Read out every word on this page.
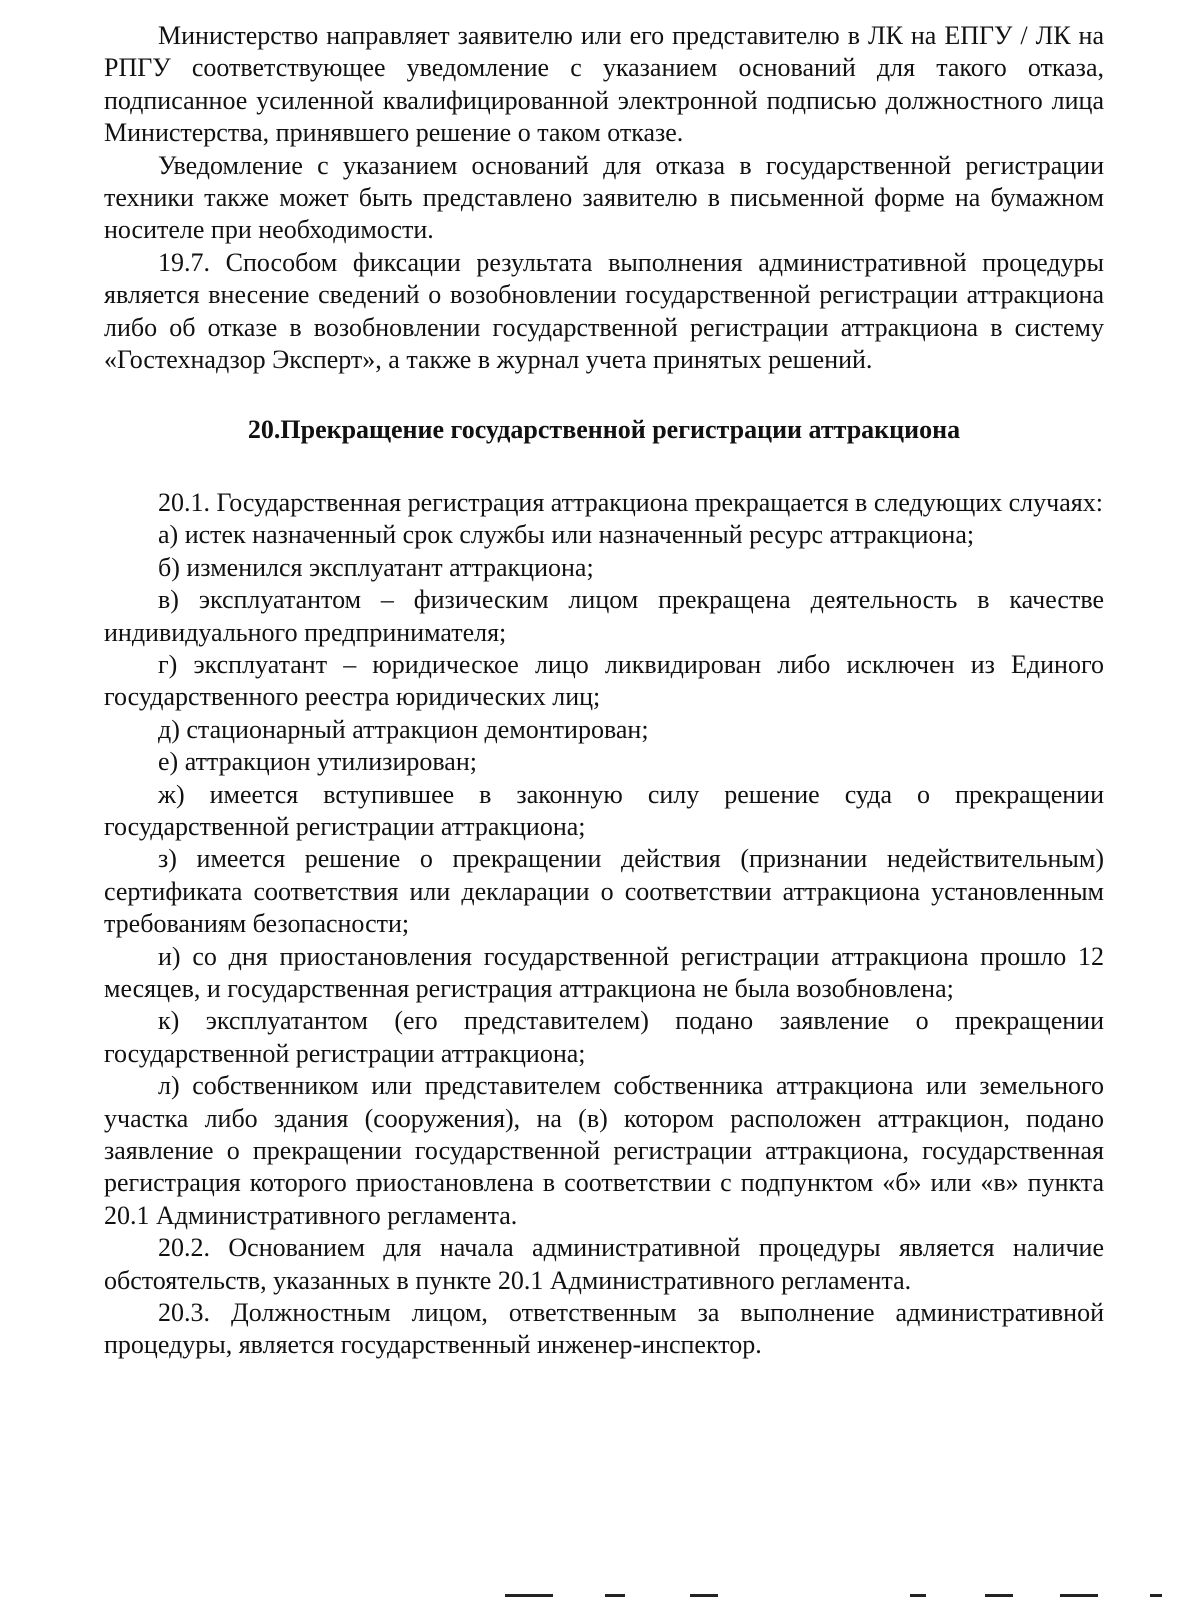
Министерство направляет заявителю или его представителю в ЛК на ЕПГУ / ЛК на РПГУ соответствующее уведомление с указанием оснований для такого отказа, подписанное усиленной квалифицированной электронной подписью должностного лица Министерства, принявшего решение о таком отказе.

Уведомление с указанием оснований для отказа в государственной регистрации техники также может быть представлено заявителю в письменной форме на бумажном носителе при необходимости.

19.7. Способом фиксации результата выполнения административной процедуры является внесение сведений о возобновлении государственной регистрации аттракциона либо об отказе в возобновлении государственной регистрации аттракциона в систему «Гостехнадзор Эксперт», а также в журнал учета принятых решений.

20.Прекращение государственной регистрации аттракциона

20.1. Государственная регистрация аттракциона прекращается в следующих случаях:

а) истек назначенный срок службы или назначенный ресурс аттракциона;

б) изменился эксплуатант аттракциона;

в) эксплуатантом – физическим лицом прекращена деятельность в качестве индивидуального предпринимателя;

г) эксплуатант – юридическое лицо ликвидирован либо исключен из Единого государственного реестра юридических лиц;

д) стационарный аттракцион демонтирован;

е) аттракцион утилизирован;

ж) имеется вступившее в законную силу решение суда о прекращении государственной регистрации аттракциона;

з) имеется решение о прекращении действия (признании недействительным) сертификата соответствия или декларации о соответствии аттракциона установленным требованиям безопасности;

и) со дня приостановления государственной регистрации аттракциона прошло 12 месяцев, и государственная регистрация аттракциона не была возобновлена;

к) эксплуатантом (его представителем) подано заявление о прекращении государственной регистрации аттракциона;

л) собственником или представителем собственника аттракциона или земельного участка либо здания (сооружения), на (в) котором расположен аттракцион, подано заявление о прекращении государственной регистрации аттракциона, государственная регистрация которого приостановлена в соответствии с подпунктом «б» или «в» пункта 20.1 Административного регламента.

20.2. Основанием для начала административной процедуры является наличие обстоятельств, указанных в пункте 20.1 Административного регламента.

20.3. Должностным лицом, ответственным за выполнение административной процедуры, является государственный инженер-инспектор.
